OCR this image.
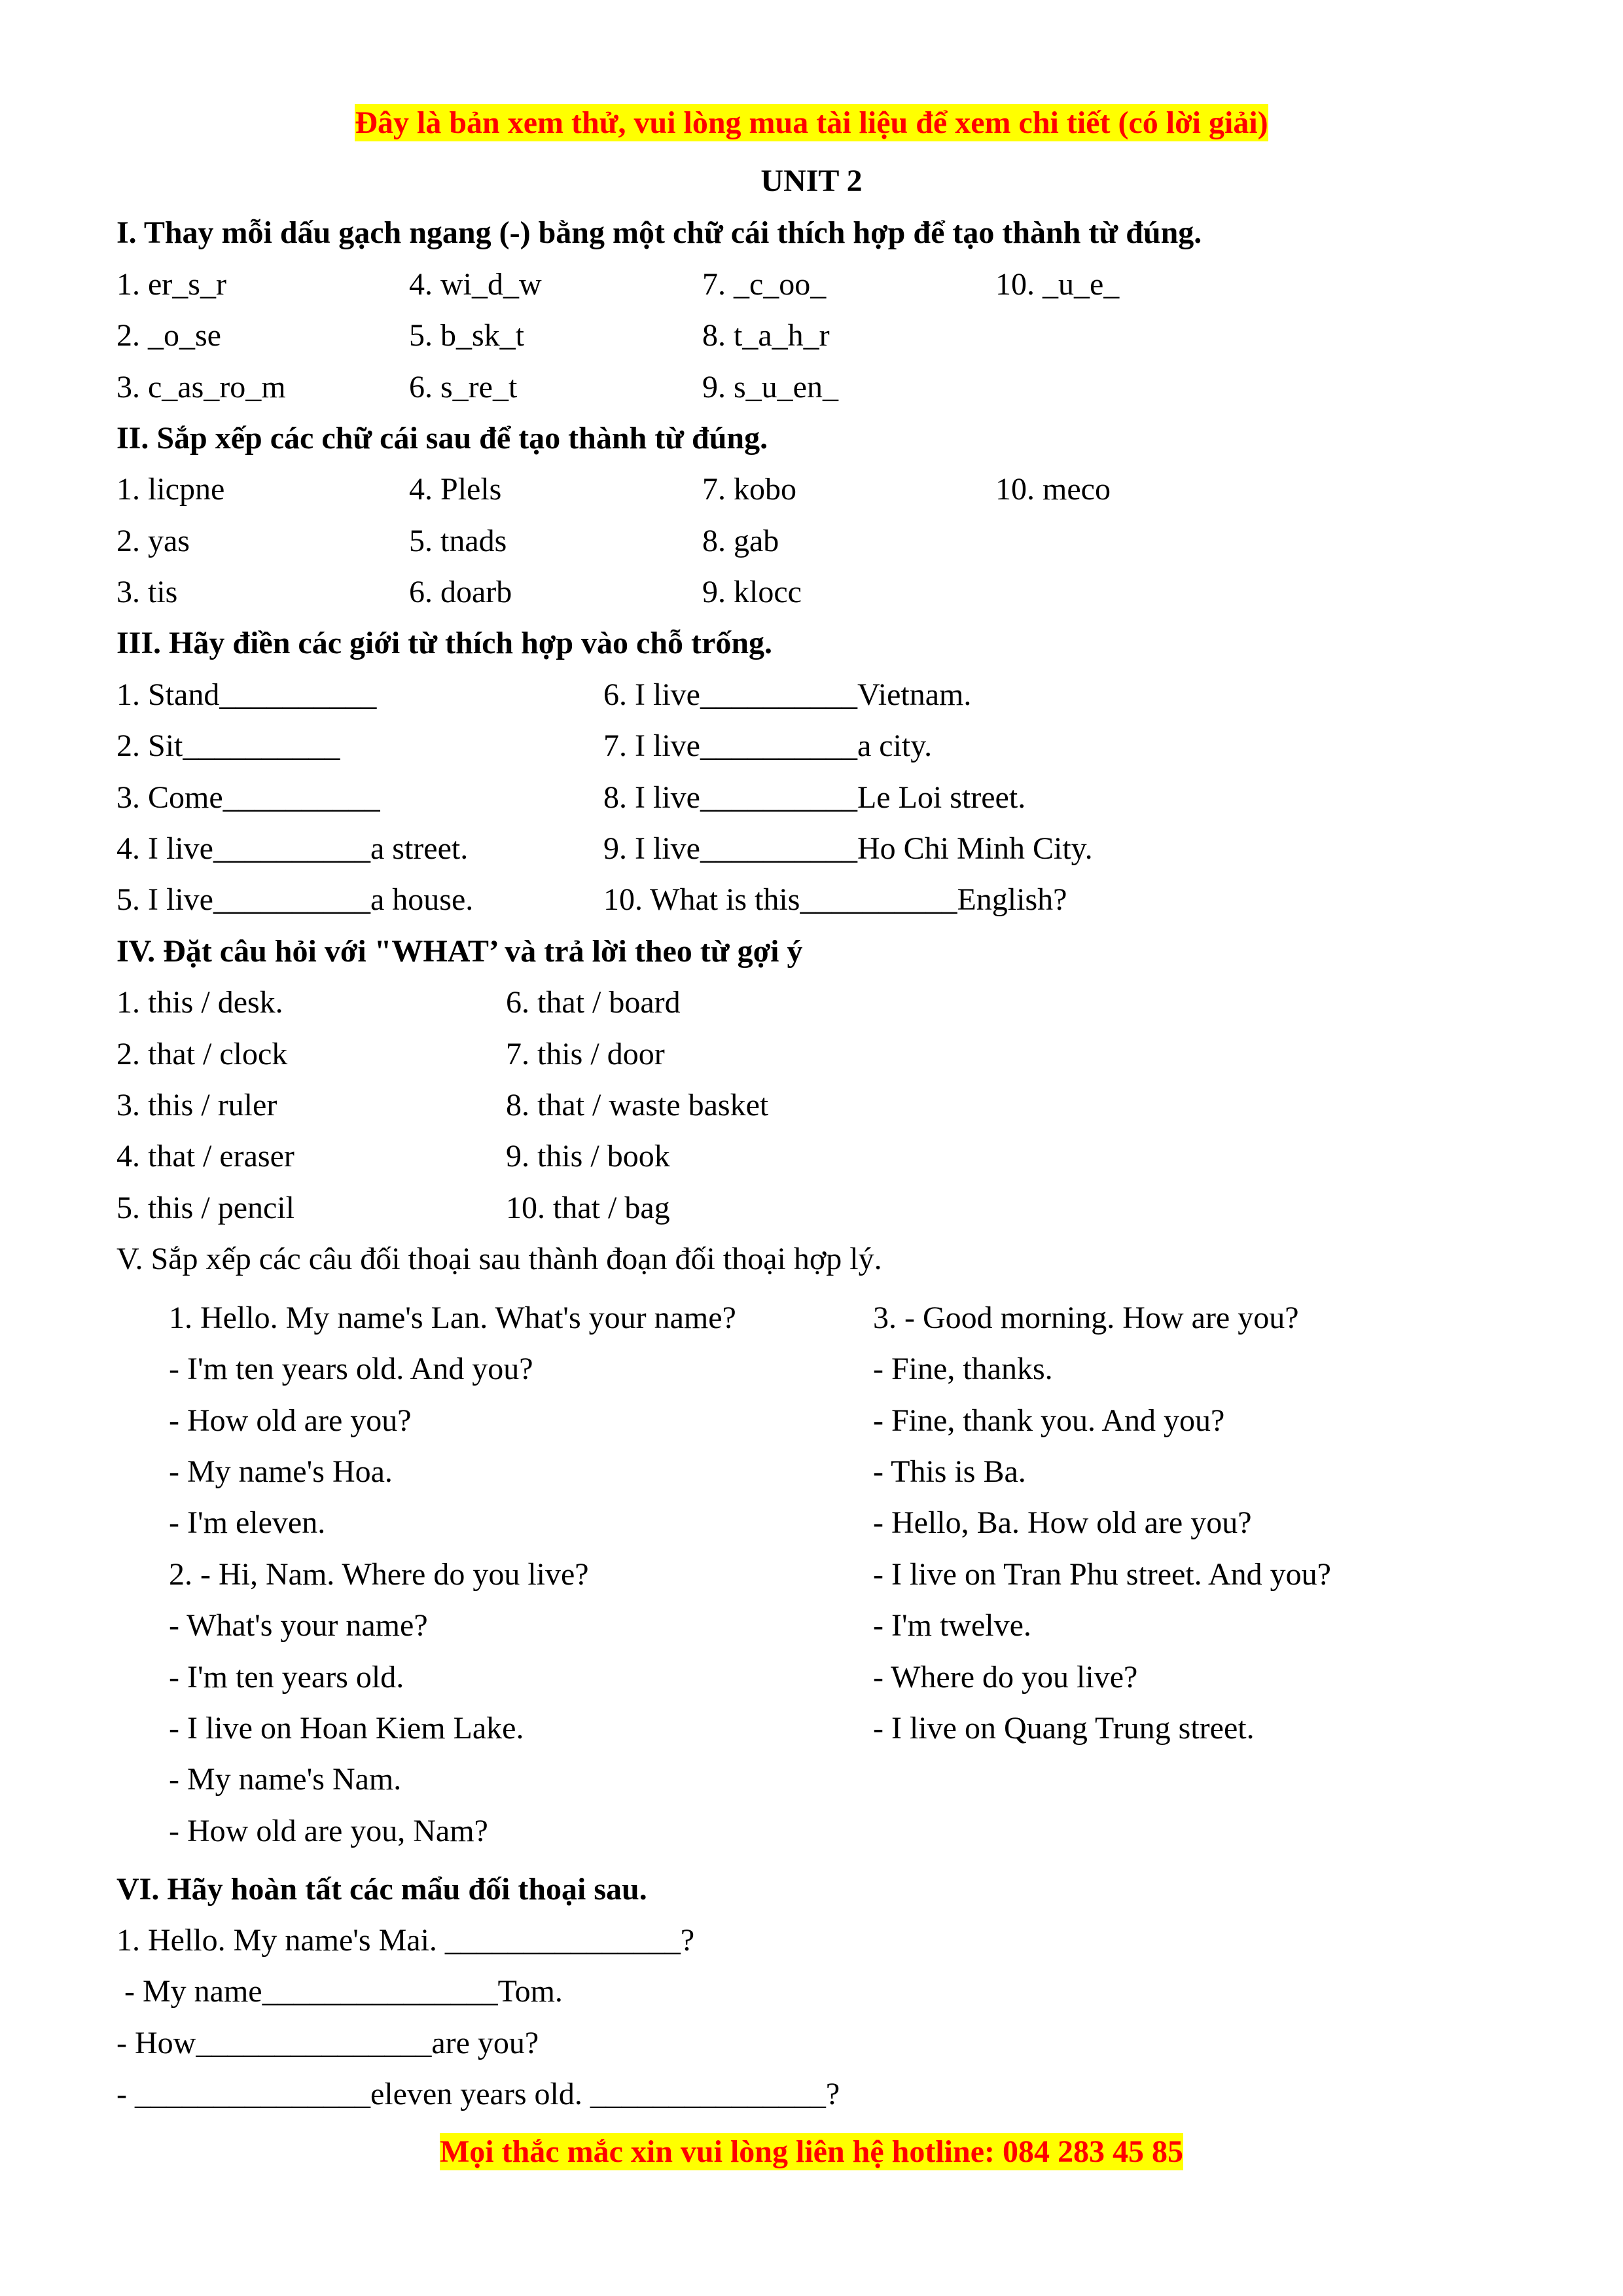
Đây là bản xem thử, vui lòng mua tài liệu để xem chi tiết (có lời giải)
UNIT 2
I. Thay mỗi dấu gạch ngang (-) bằng một chữ cái thích hợp để tạo thành từ đúng.
1. er_s_r	4. wi_d_w	7. _c_oo_	10. _u_e_
2. _o_se	5. b_sk_t	8. t_a_h_r
3. c_as_ro_m	6. s_re_t	9. s_u_en_
II. Sắp xếp các chữ cái sau để tạo thành từ đúng.
1. licpne	4. Plels	7. kobo	10. meco
2. yas	5. tnads	8. gab
3. tis	6. doarb	9. klocc
III. Hãy điền các giới từ thích hợp vào chỗ trống.
1. Stand__________
2. Sit__________
3. Come__________
4. I live__________a street.
5. I live__________a house.
6. I live__________Vietnam.
7. I live__________a city.
8. I live__________Le Loi street.
9. I live__________Ho Chi Minh City.
10. What is this__________English?
IV. Đặt câu hỏi với "WHAT’ và trả lời theo từ gợi ý
1. this / desk.
2. that / clock
3. this / ruler
4. that / eraser
5. this / pencil
6. that / board
7. this / door
8. that / waste basket
9. this / book
10. that / bag
V. Sắp xếp các câu đối thoại sau thành đoạn đối thoại hợp lý.
1. Hello. My name's Lan. What's your name?
- I'm ten years old. And you?
- How old are you?
- My name's Hoa.
- I'm eleven.
2. - Hi, Nam. Where do you live?
- What's your name?
- I'm ten years old.
- I live on Hoan Kiem Lake.
- My name's Nam.
- How old are you, Nam?
3. - Good morning. How are you?
- Fine, thanks.
- Fine, thank you. And you?
- This is Ba.
- Hello, Ba. How old are you?
- I live on Tran Phu street. And you?
- I'm twelve.
- Where do you live?
- I live on Quang Trung street.
VI. Hãy hoàn tất các mẩu đối thoại sau.
1. Hello. My name's Mai. _______________?
- My name_______________Tom.
- How_______________are you?
- _______________eleven years old. _______________?
Mọi thắc mắc xin vui lòng liên hệ hotline: 084 283 45 85
